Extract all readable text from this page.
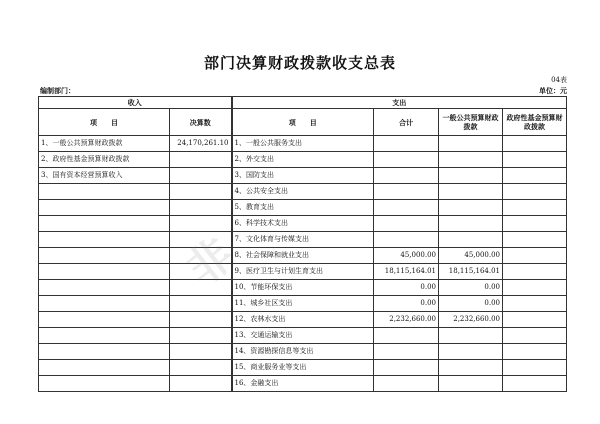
部门决算财政拨款收支总表
04表
编制部门：	单位：元
收入		支出			
项　　目	决算数	项　　目	合计	一般公共预算财政拨款	政府性基金预算财政拨款
1、一般公共预算财政拨款	24,170,261.10	1、一般公共服务支出			
2、政府性基金预算财政拨款		2、外交支出			
3、国有资本经营预算收入		3、国防支出			
		4、公共安全支出			
		5、教育支出			
		6、科学技术支出			
		7、文化体育与传媒支出			
		8、社会保障和就业支出	45,000.00	45,000.00	
		9、医疗卫生与计划生育支出	18,115,164.01	18,115,164.01	
		10、节能环保支出	0.00	0.00	
		11、城乡社区支出	0.00	0.00	
		12、农林水支出	2,232,660.00	2,232,660.00	
		13、交通运输支出			
		14、资源勘探信息等支出			
		15、商业服务业等支出			
		16、金融支出			
非
